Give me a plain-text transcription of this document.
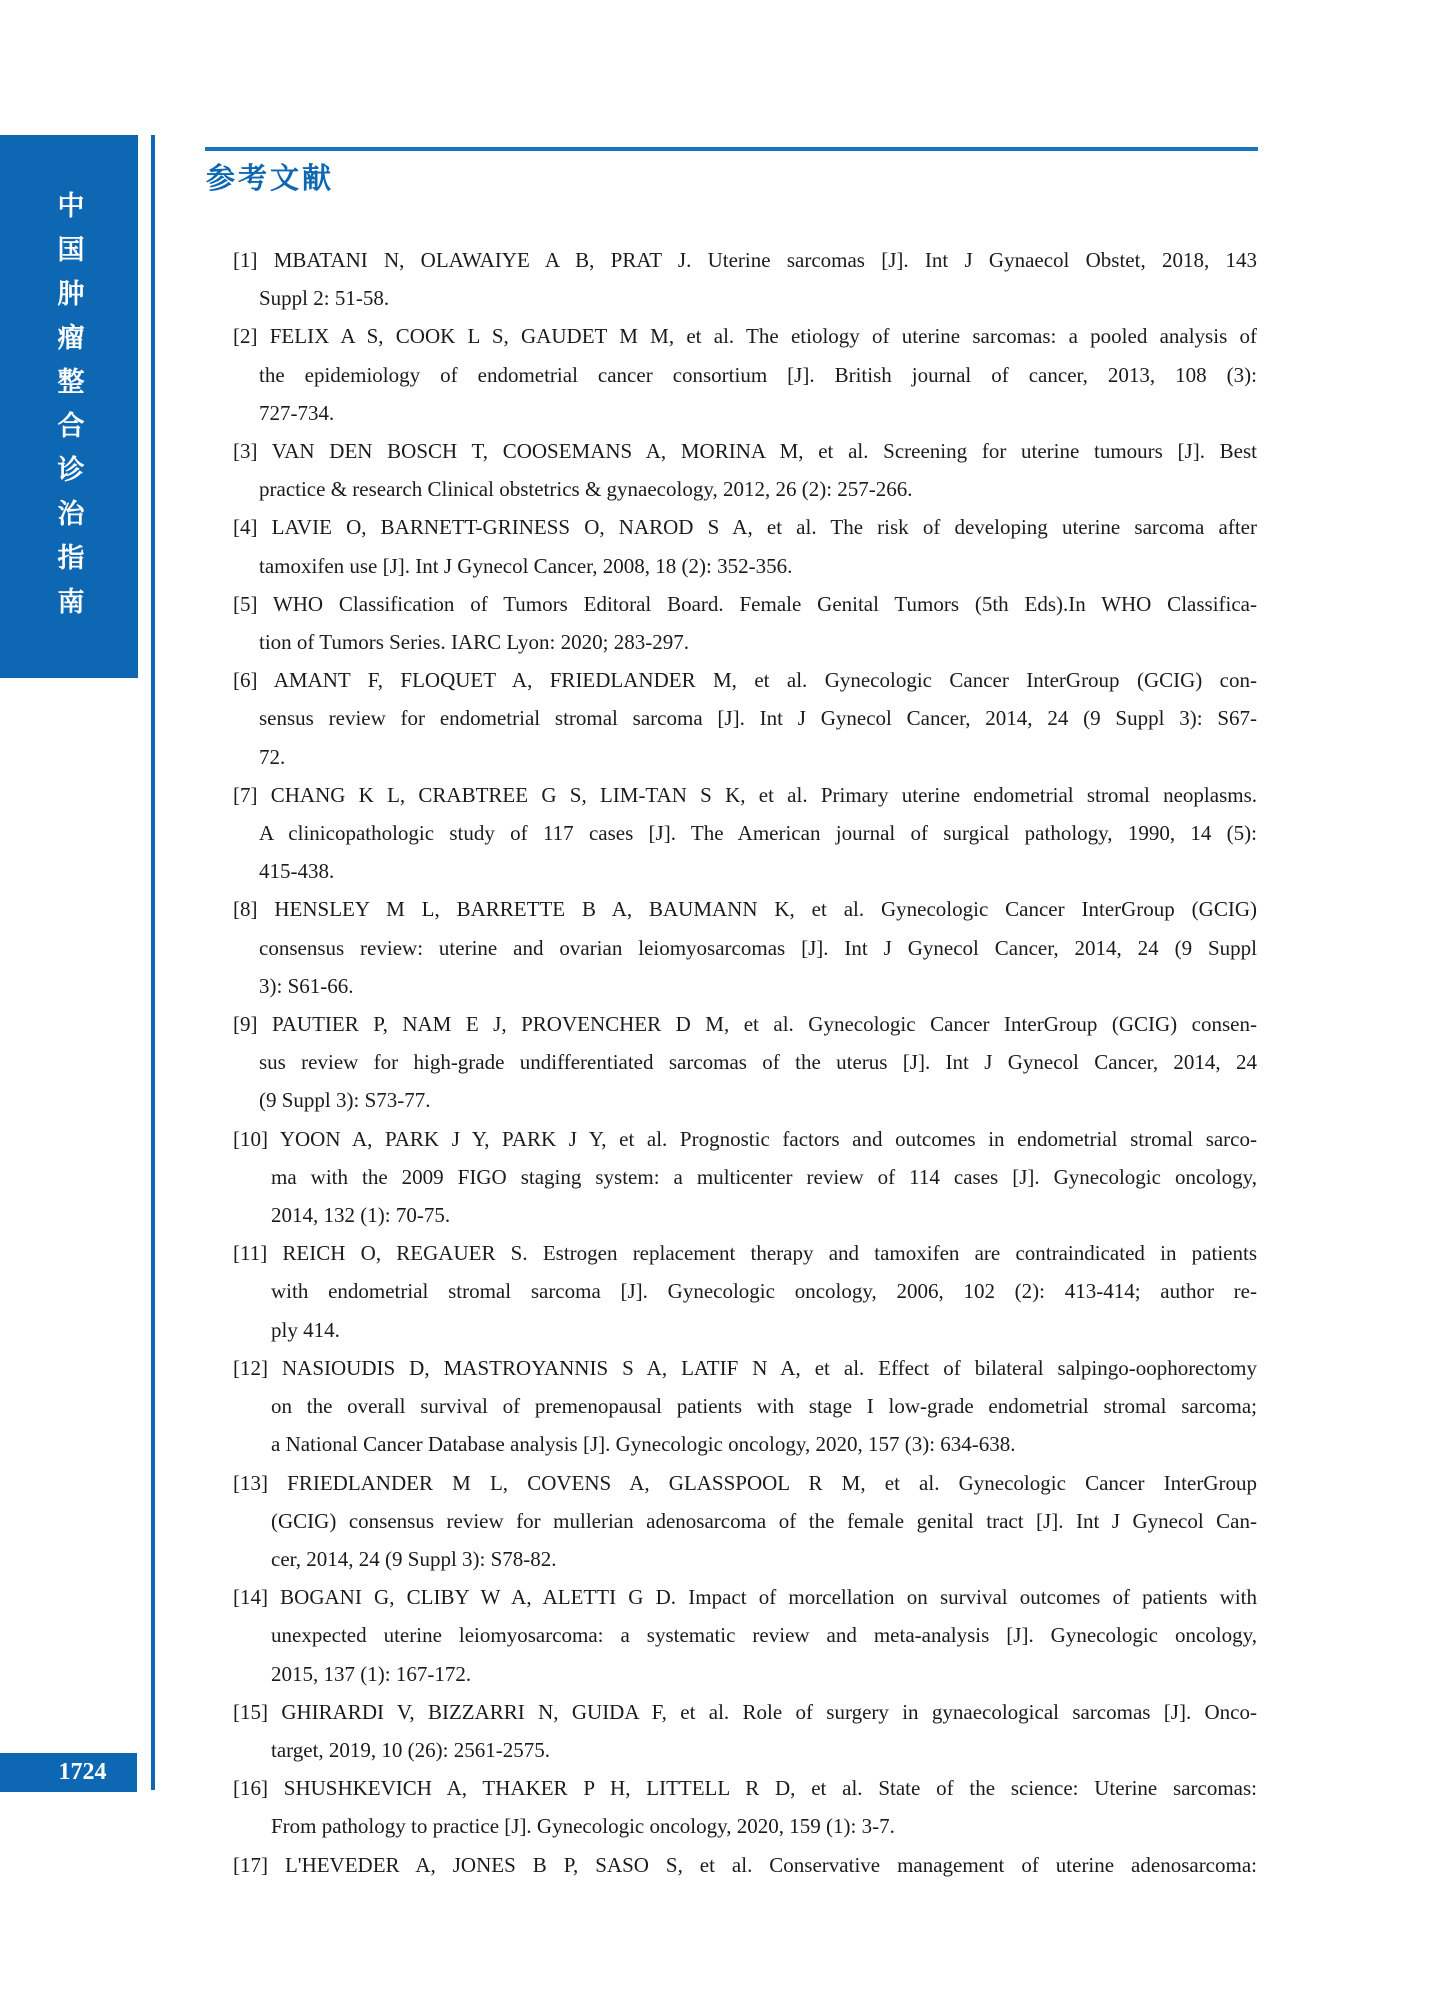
中国肿瘤整合诊治指南
1724
参考文献
[1] MBATANI N, OLAWAIYE A B, PRAT J. Uterine sarcomas [J]. Int J Gynaecol Obstet, 2018, 143
Suppl 2: 51-58.
[2] FELIX A S, COOK L S, GAUDET M M, et al. The etiology of uterine sarcomas: a pooled analysis of
the epidemiology of endometrial cancer consortium [J]. British journal of cancer, 2013, 108 (3):
727-734.
[3] VAN DEN BOSCH T, COOSEMANS A, MORINA M, et al. Screening for uterine tumours [J]. Best
practice & research Clinical obstetrics & gynaecology, 2012, 26 (2): 257-266.
[4] LAVIE O, BARNETT-GRINESS O, NAROD S A, et al. The risk of developing uterine sarcoma after
tamoxifen use [J]. Int J Gynecol Cancer, 2008, 18 (2): 352-356.
[5] WHO Classification of Tumors Editoral Board. Female Genital Tumors (5th Eds).In WHO Classifica-
tion of Tumors Series. IARC Lyon: 2020; 283-297.
[6] AMANT F, FLOQUET A, FRIEDLANDER M, et al. Gynecologic Cancer InterGroup (GCIG) con-
sensus review for endometrial stromal sarcoma [J]. Int J Gynecol Cancer, 2014, 24 (9 Suppl 3): S67-
72.
[7] CHANG K L, CRABTREE G S, LIM-TAN S K, et al. Primary uterine endometrial stromal neoplasms.
A clinicopathologic study of 117 cases [J]. The American journal of surgical pathology, 1990, 14 (5):
415-438.
[8] HENSLEY M L, BARRETTE B A, BAUMANN K, et al. Gynecologic Cancer InterGroup (GCIG)
consensus review: uterine and ovarian leiomyosarcomas [J]. Int J Gynecol Cancer, 2014, 24 (9 Suppl
3): S61-66.
[9] PAUTIER P, NAM E J, PROVENCHER D M, et al. Gynecologic Cancer InterGroup (GCIG) consen-
sus review for high-grade undifferentiated sarcomas of the uterus [J]. Int J Gynecol Cancer, 2014, 24
(9 Suppl 3): S73-77.
[10] YOON A, PARK J Y, PARK J Y, et al. Prognostic factors and outcomes in endometrial stromal sarco-
ma with the 2009 FIGO staging system: a multicenter review of 114 cases [J]. Gynecologic oncology,
2014, 132 (1): 70-75.
[11] REICH O, REGAUER S. Estrogen replacement therapy and tamoxifen are contraindicated in patients
with endometrial stromal sarcoma [J]. Gynecologic oncology, 2006, 102 (2): 413-414; author re-
ply 414.
[12] NASIOUDIS D, MASTROYANNIS S A, LATIF N A, et al. Effect of bilateral salpingo-oophorectomy
on the overall survival of premenopausal patients with stage I low-grade endometrial stromal sarcoma;
a National Cancer Database analysis [J]. Gynecologic oncology, 2020, 157 (3): 634-638.
[13] FRIEDLANDER M L, COVENS A, GLASSPOOL R M, et al. Gynecologic Cancer InterGroup
(GCIG) consensus review for mullerian adenosarcoma of the female genital tract [J]. Int J Gynecol Can-
cer, 2014, 24 (9 Suppl 3): S78-82.
[14] BOGANI G, CLIBY W A, ALETTI G D. Impact of morcellation on survival outcomes of patients with
unexpected uterine leiomyosarcoma: a systematic review and meta-analysis [J]. Gynecologic oncology,
2015, 137 (1): 167-172.
[15] GHIRARDI V, BIZZARRI N, GUIDA F, et al. Role of surgery in gynaecological sarcomas [J]. Onco-
target, 2019, 10 (26): 2561-2575.
[16] SHUSHKEVICH A, THAKER P H, LITTELL R D, et al. State of the science: Uterine sarcomas:
From pathology to practice [J]. Gynecologic oncology, 2020, 159 (1): 3-7.
[17] L'HEVEDER A, JONES B P, SASO S, et al. Conservative management of uterine adenosarcoma:
